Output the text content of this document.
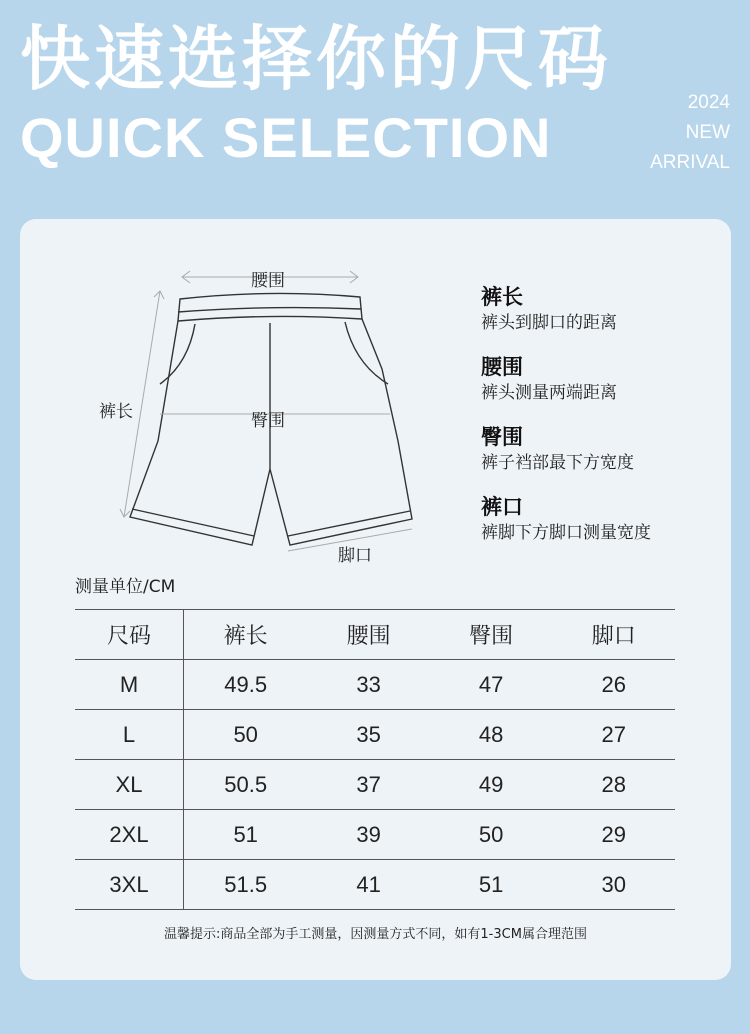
快速选择你的尺码
QUICK SELECTION
2024
NEW
ARRIVAL
腰围
裤长	臀围
脚口
裤长
裤头到脚口的距离
腰围
裤头测量两端距离
臀围
裤子裆部最下方宽度
裤口
裤脚下方脚口测量宽度
测量单位/CM
尺码	裤长	腰围	臀围	脚口
M	49.5	33	47	26
L	50	35	48	27
XL	50.5	37	49	28
2XL	51	39	50	29
3XL	51.5	41	51	30
温馨提示:商品全部为手工测量，因测量方式不同，如有1-3CM属合理范围
